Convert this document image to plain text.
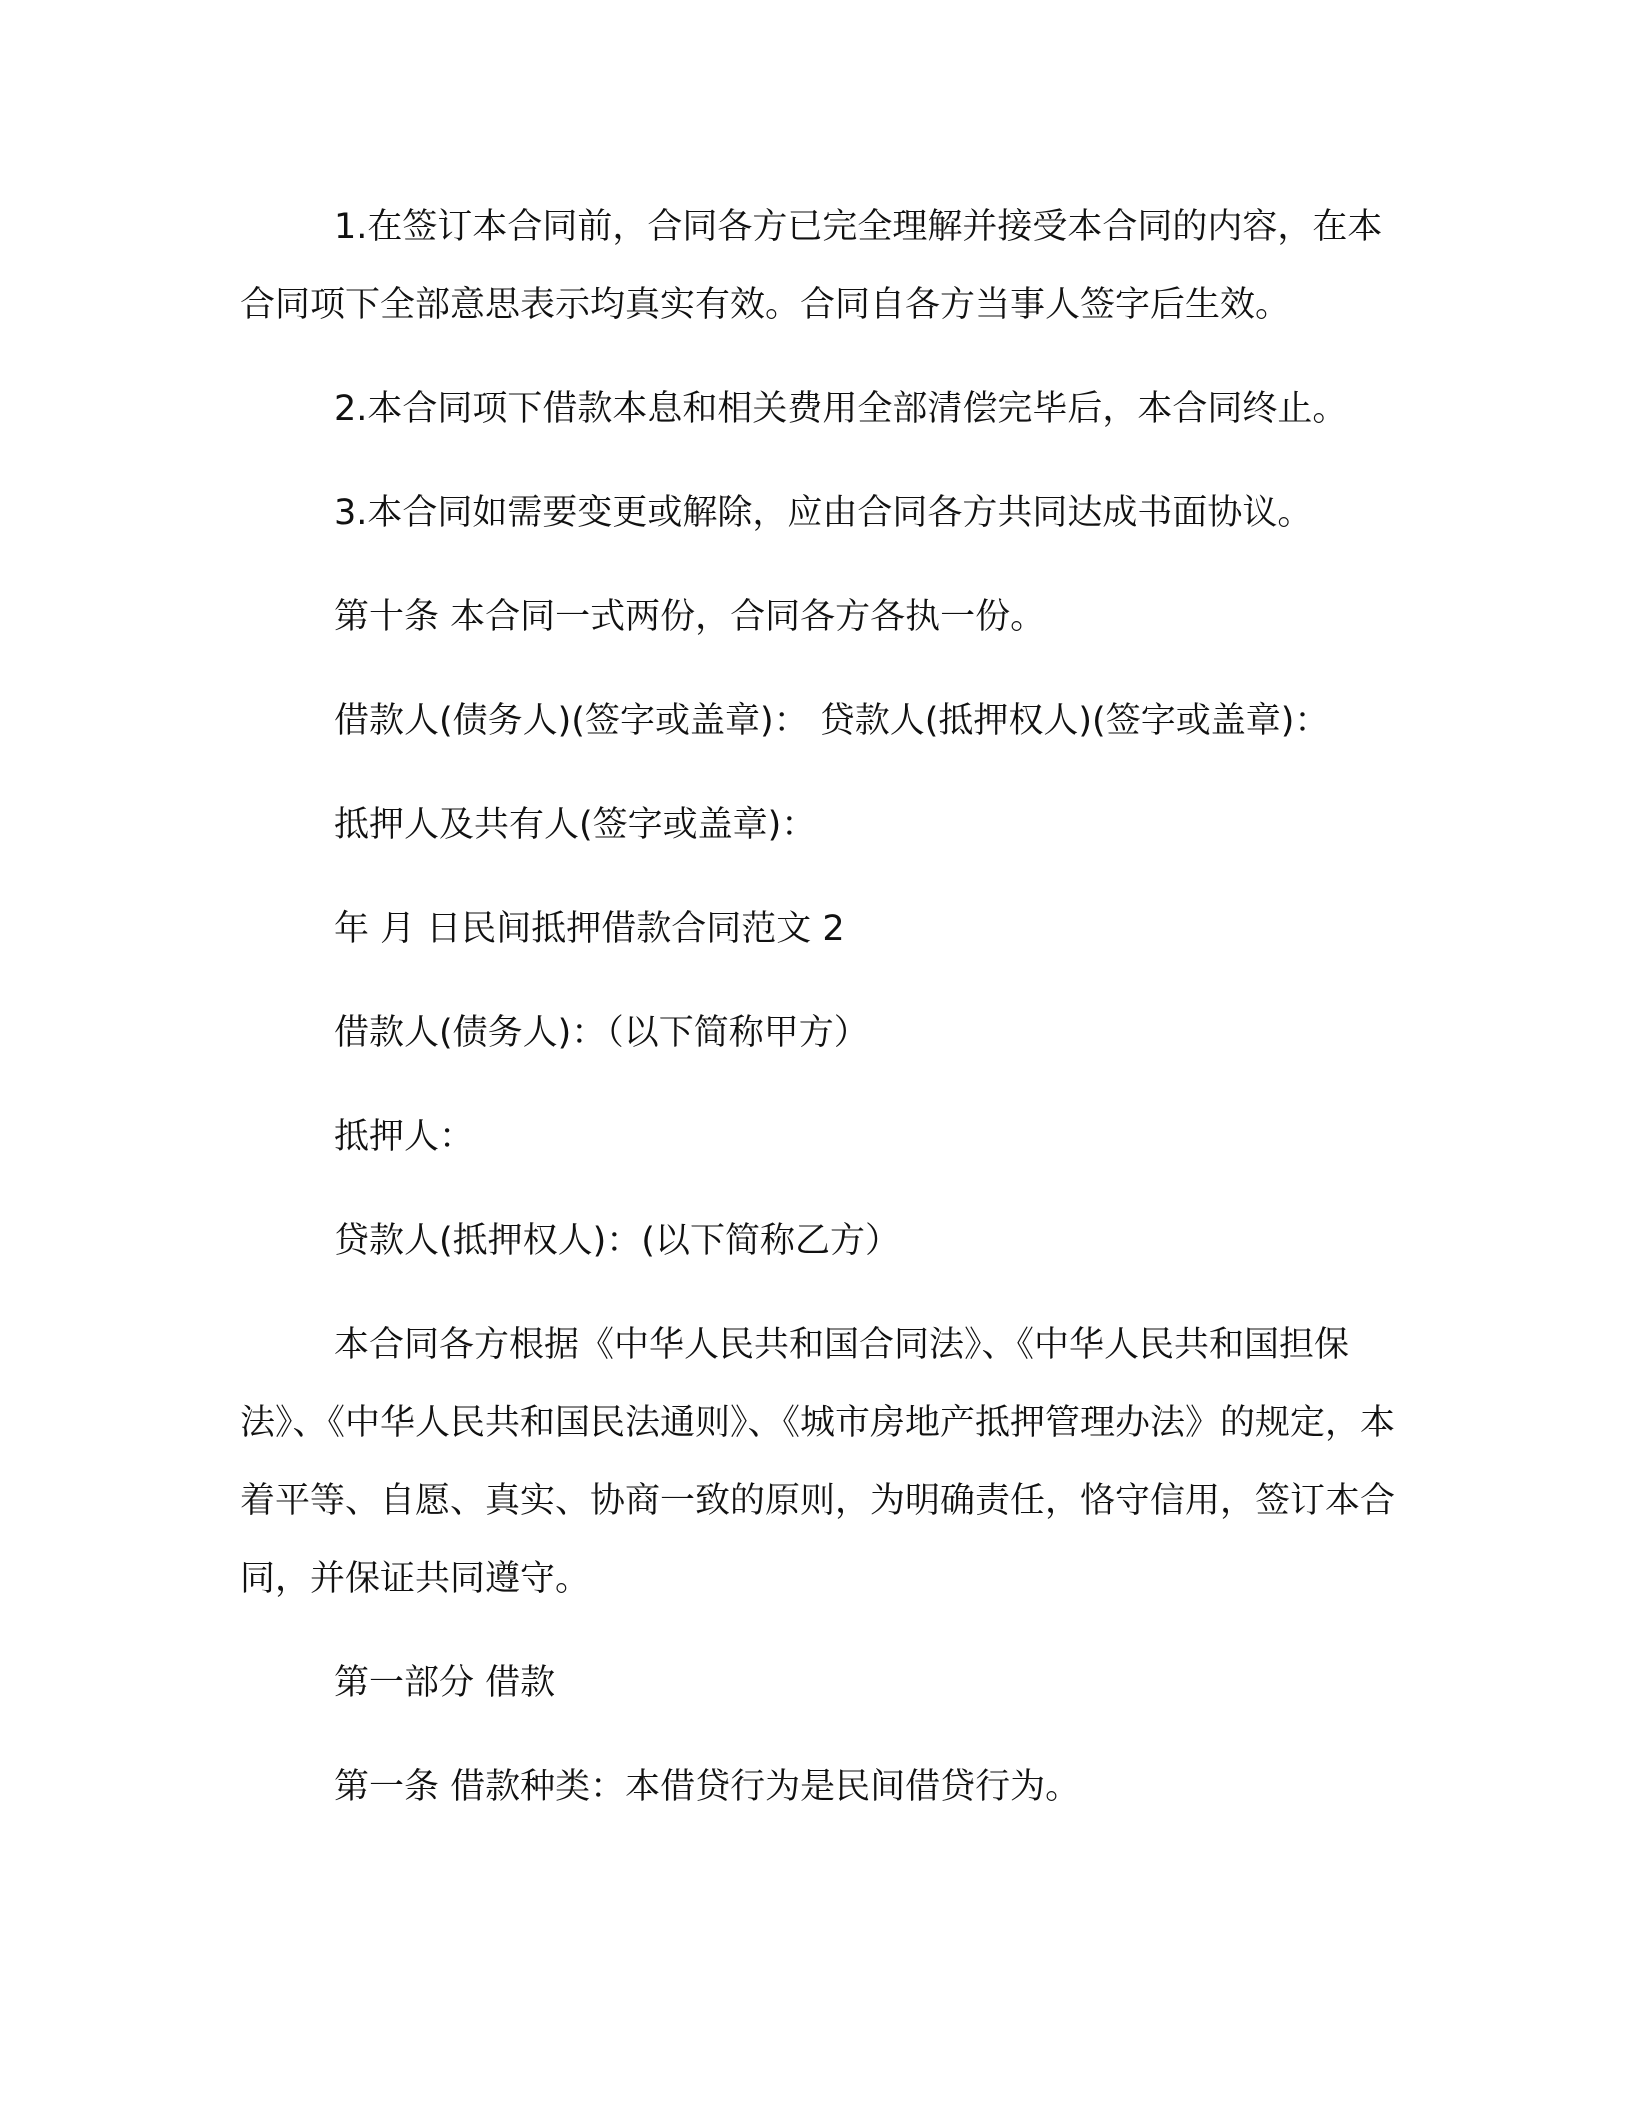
1.在签订本合同前，合同各方已完全理解并接受本合同的内容，在本合同项下全部意思表示均真实有效。合同自各方当事人签字后生效。

2.本合同项下借款本息和相关费用全部清偿完毕后，本合同终止。

3.本合同如需要变更或解除，应由合同各方共同达成书面协议。

第十条 本合同一式两份，合同各方各执一份。

借款人(债务人)(签字或盖章)： 贷款人(抵押权人)(签字或盖章)：

抵押人及共有人(签字或盖章)：

年 月 日民间抵押借款合同范文 2

借款人(债务人)：（以下简称甲方）

抵押人：

贷款人(抵押权人)：(以下简称乙方）

本合同各方根据《中华人民共和国合同法》、《中华人民共和国担保法》、《中华人民共和国民法通则》、《城市房地产抵押管理办法》的规定，本着平等、自愿、真实、协商一致的原则，为明确责任，恪守信用，签订本合同，并保证共同遵守。

第一部分 借款

第一条 借款种类：本借贷行为是民间借贷行为。
